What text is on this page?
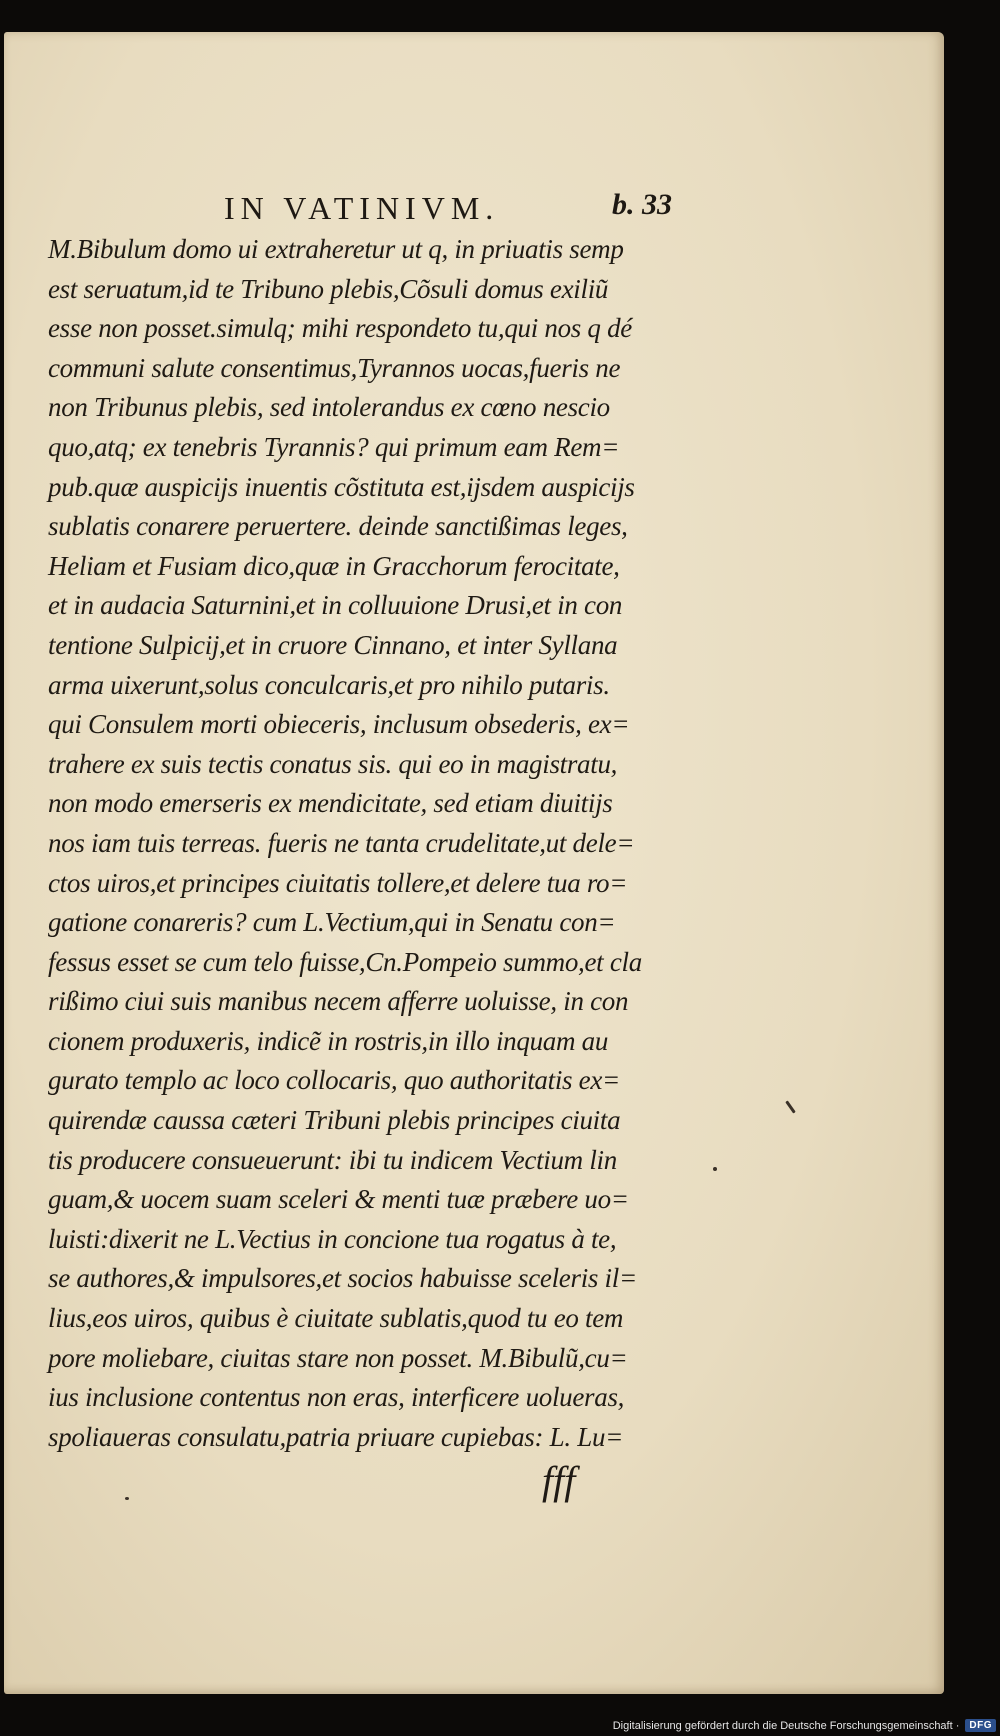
IN VATINIVM.	b. 33
M.Bibulum domo ui extraheretur ut q, in priuatis semp
est seruatum,id te Tribuno plebis,Cõsuli domus exiliũ
esse non posset.simulq; mihi respondeto tu,qui nos q dé
communi salute consentimus,Tyrannos uocas,fueris ne
non Tribunus plebis, sed intolerandus ex cœno nescio
quo,atq; ex tenebris Tyrannis? qui primum eam Rem=
pub.quæ auspicijs inuentis cõstituta est,ijsdem auspicijs
sublatis conarere peruertere. deinde sanctißimas leges,
Heliam et Fusiam dico,quæ in Gracchorum ferocitate,
et in audacia Saturnini,et in colluuione Drusi,et in con
tentione Sulpicij,et in cruore Cinnano, et inter Syllana
arma uixerunt,solus conculcaris,et pro nihilo putaris.
qui Consulem morti obieceris, inclusum obsederis, ex=
trahere ex suis tectis conatus sis. qui eo in magistratu,
non modo emerseris ex mendicitate, sed etiam diuitijs
nos iam tuis terreas. fueris ne tanta crudelitate,ut dele=
ctos uiros,et principes ciuitatis tollere,et delere tua ro=
gatione conareris? cum L.Vectium,qui in Senatu con=
fessus esset se cum telo fuisse,Cn.Pompeio summo,et cla
rißimo ciui suis manibus necem afferre uoluisse, in con
cionem produxeris, indicẽ in rostris,in illo inquam au
gurato templo ac loco collocaris, quo authoritatis ex=
quirendæ caussa cæteri Tribuni plebis principes ciuita
tis producere consueuerunt: ibi tu indicem Vectium lin
guam,& uocem suam sceleri & menti tuæ præbere uo=
luisti:dixerit ne L.Vectius in concione tua rogatus à te,
se authores,& impulsores,et socios habuisse sceleris il=
lius,eos uiros, quibus è ciuitate sublatis,quod tu eo tem
pore moliebare, ciuitas stare non posset. M.Bibulũ,cu=
ius inclusione contentus non eras, interficere uolueras,
spoliaueras consulatu,patria priuare cupiebas: L. Lu=
fff
Digitalisierung gefördert durch die Deutsche Forschungsgemeinschaft ·	DFG
